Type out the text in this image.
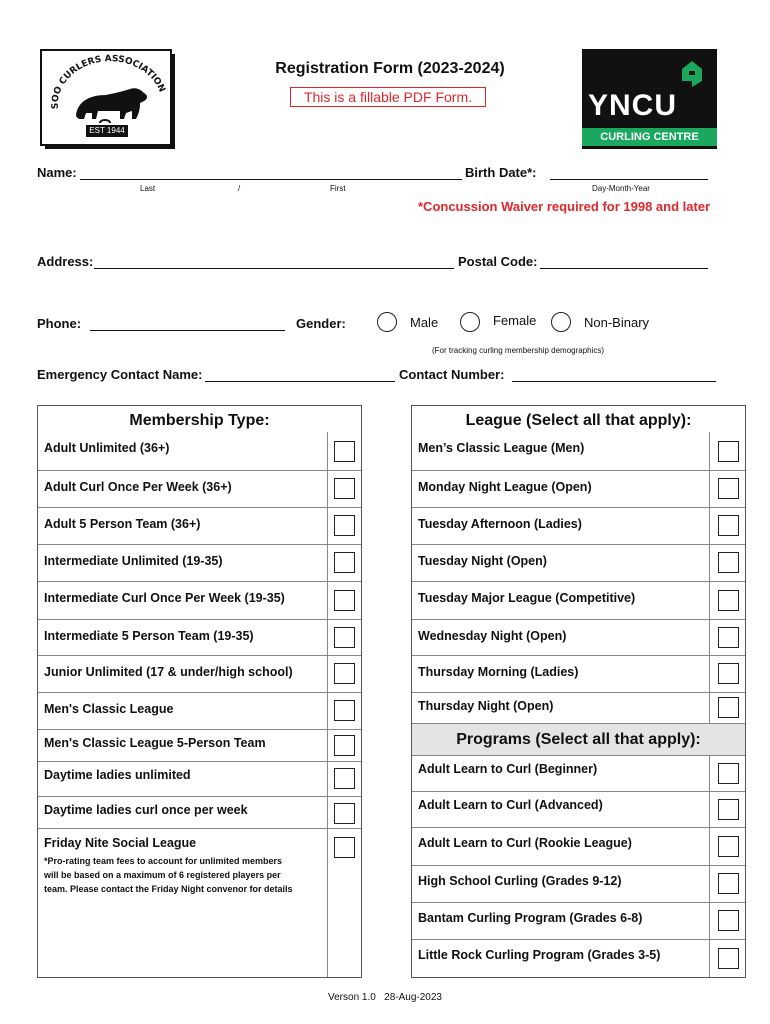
SOO CURLERS ASSOCIATION
EST 1944
Registration Form (2023-2024)
This is a fillable PDF Form.	YNCU
CURLING CENTRE
Name:	Birth Date*:
Last	/	First	Day-Month-Year
*Concussion Waiver required for 1998 and later
Address:	Postal Code:
Phone:	Gender:	Male	Female	Non-Binary
(For tracking curling membership demographics)
Emergency Contact Name:	Contact Number:
Membership Type:
Adult Unlimited (36+)
Adult Curl Once Per Week (36+)
Adult 5 Person Team (36+)
Intermediate Unlimited (19-35)
Intermediate Curl Once Per Week (19-35)
Intermediate 5 Person Team (19-35)
Junior Unlimited (17 & under/high school)
Men's Classic League
Men's Classic League 5-Person Team
Daytime ladies unlimited
Daytime ladies curl once per week
Friday Nite Social League
*Pro-rating team fees to account for unlimited members
will be based on a maximum of 6 registered players per
team. Please contact the Friday Night convenor for details
League (Select all that apply):
Men’s Classic League (Men)
Monday Night League (Open)
Tuesday Afternoon (Ladies)
Tuesday Night (Open)
Tuesday Major League (Competitive)
Wednesday Night (Open)
Thursday Morning (Ladies)
Thursday Night (Open)
Programs (Select all that apply):
Adult Learn to Curl (Beginner)
Adult Learn to Curl (Advanced)
Adult Learn to Curl (Rookie League)
High School Curling (Grades 9-12)
Bantam Curling Program (Grades 6-8)
Little Rock Curling Program (Grades 3-5)
Verson 1.0   28-Aug-2023
